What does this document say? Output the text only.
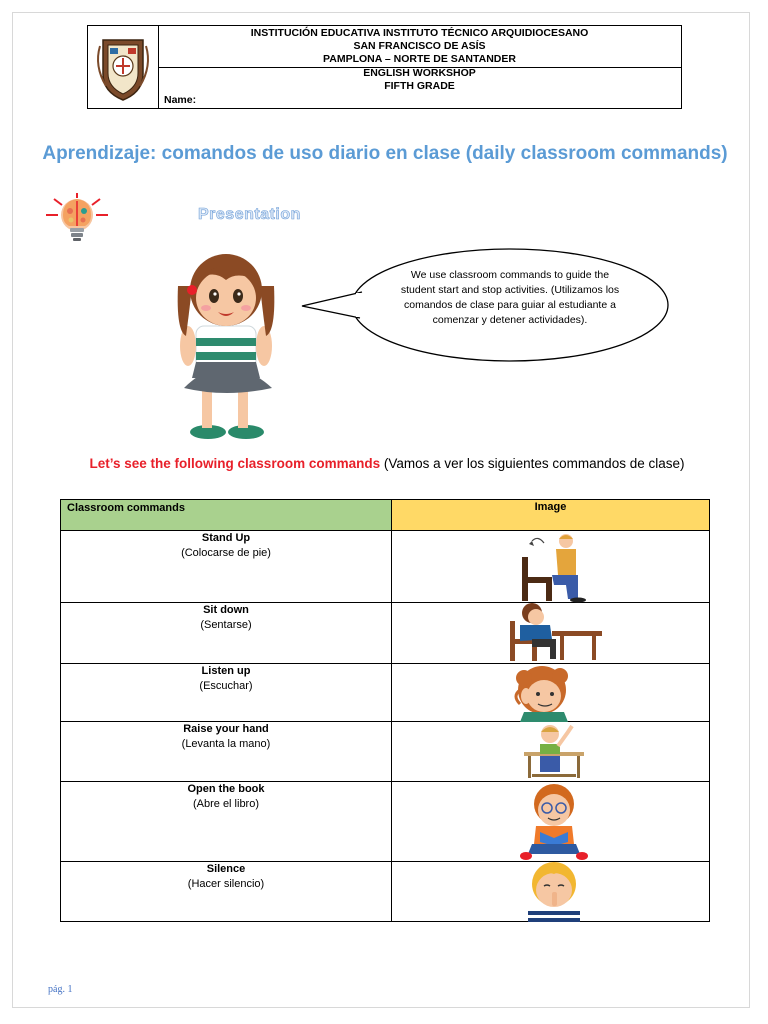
INSTITUCIÓN EDUCATIVA INSTITUTO TÉCNICO ARQUIDIOCESANO
SAN FRANCISCO DE ASÍS
PAMPLONA – NORTE DE SANTANDER
ENGLISH WORKSHOP
FIFTH GRADE
Name:
Aprendizaje: comandos de uso diario en clase (daily classroom commands)
Presentation
We use classroom commands to guide the student start and stop activities. (Utilizamos los comandos de clase para guiar al estudiante a comenzar y detener actividades).
Let’s see the following classroom commands (Vamos a ver los siguientes commandos de clase)
Classroom commands	Image

Stand Up
(Colocarse de pie)

Sit down
(Sentarse)

Listen up
(Escuchar)

Raise your hand
(Levanta la mano)

Open the book
(Abre el libro)

Silence
(Hacer silencio)

pág. 1
